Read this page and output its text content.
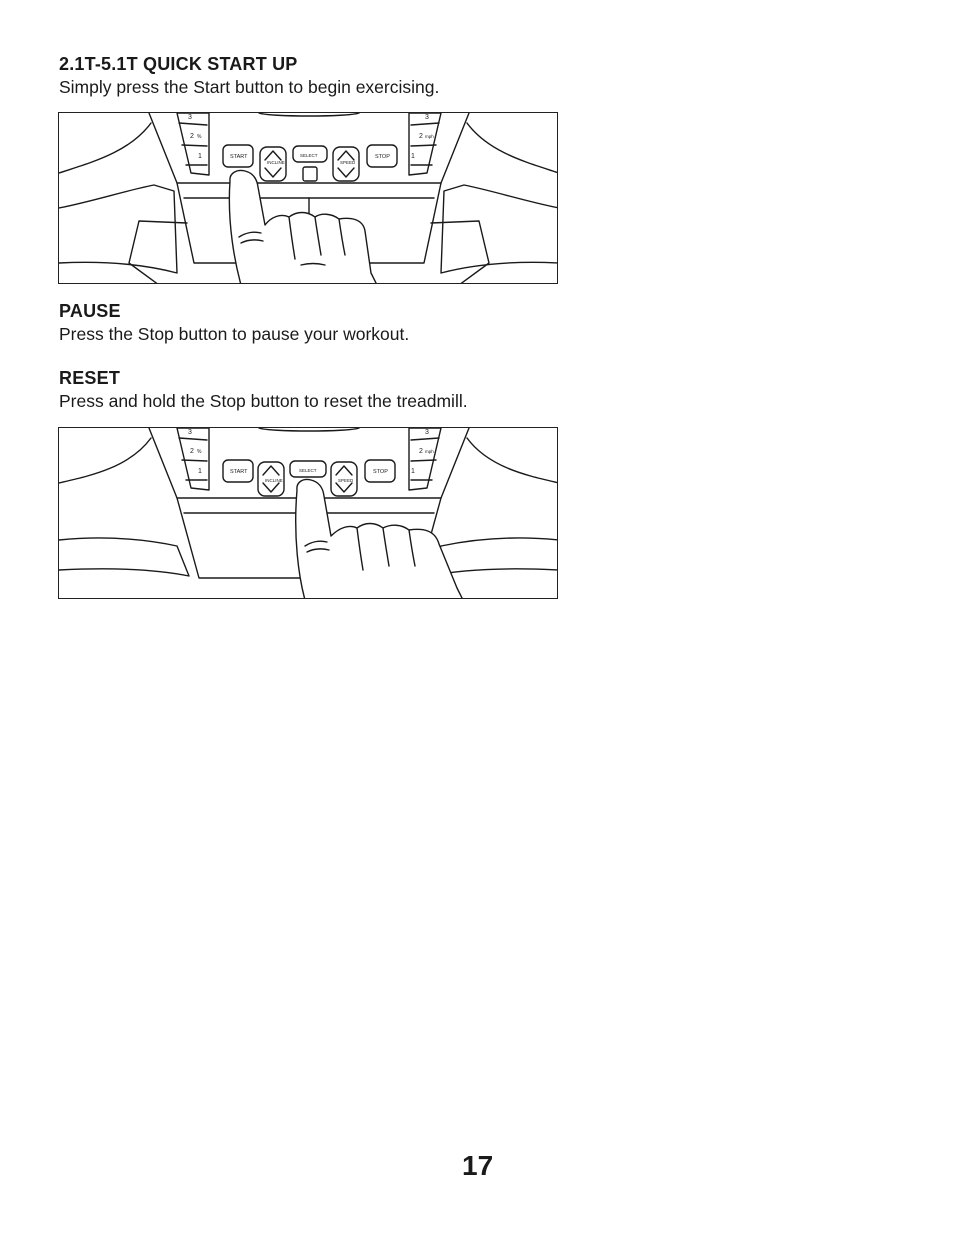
2.1T-5.1T QUICK START UP

Simply press the Start button to begin exercising.

3
2 %
1
3
2 mph
1
START
INCLINE
SELECT
SPEED
STOP
PAUSE

Press the Stop button to pause your workout.

RESET

Press and hold the Stop button to reset the treadmill.

3
2 %
1
3
2 mph
1
START
INCLINE
SELECT
SPEED
STOP

17
